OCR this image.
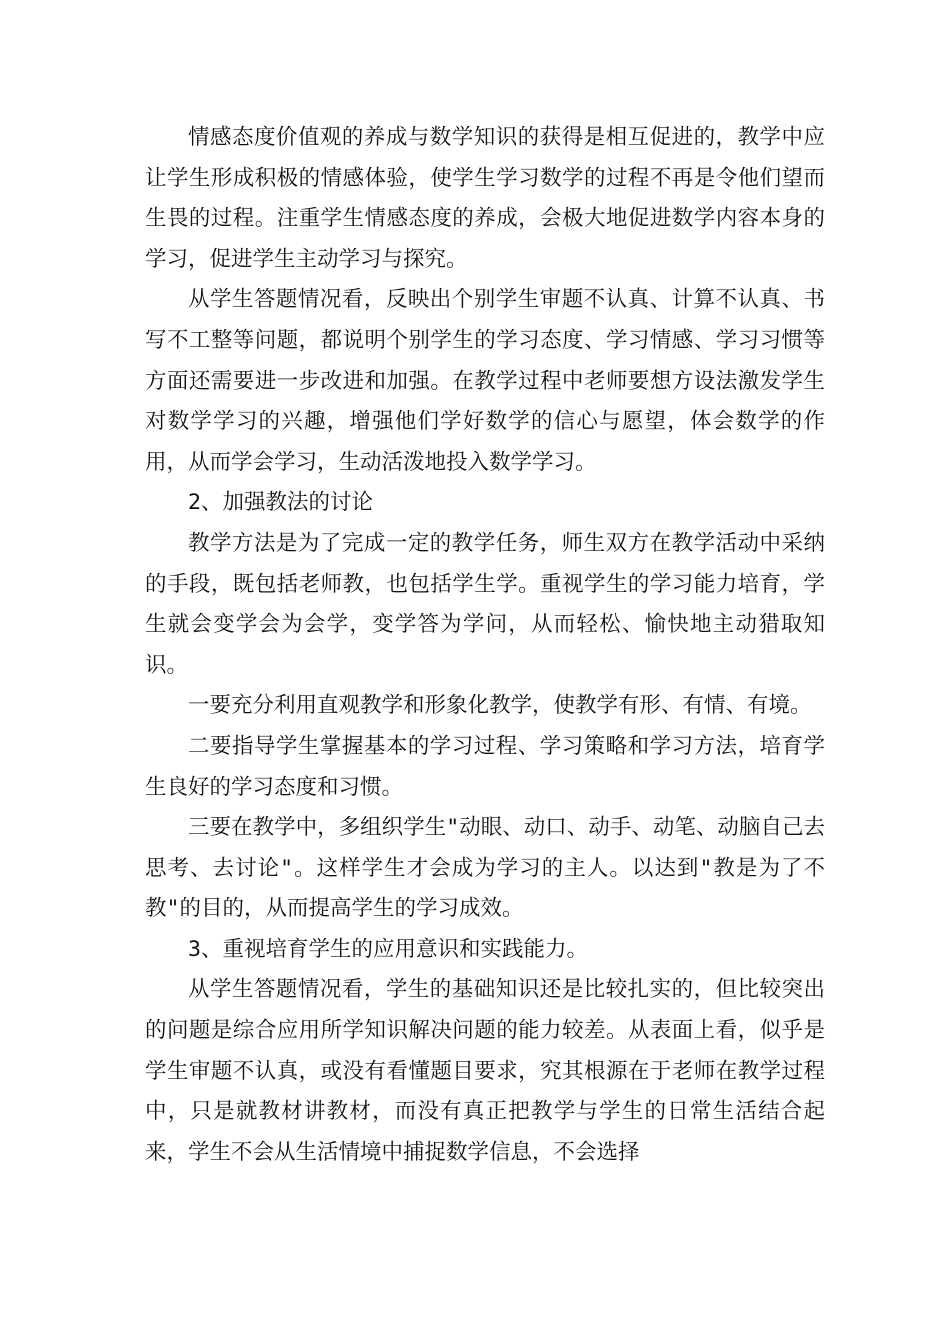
情感态度价值观的养成与数学知识的获得是相互促进的，教学中应让学生形成积极的情感体验，使学生学习数学的过程不再是令他们望而生畏的过程。注重学生情感态度的养成，会极大地促进数学内容本身的学习，促进学生主动学习与探究。

从学生答题情况看，反映出个别学生审题不认真、计算不认真、书写不工整等问题，都说明个别学生的学习态度、学习情感、学习习惯等方面还需要进一步改进和加强。在教学过程中老师要想方设法激发学生对数学学习的兴趣，增强他们学好数学的信心与愿望，体会数学的作用，从而学会学习，生动活泼地投入数学学习。

2、加强教法的讨论

教学方法是为了完成一定的教学任务，师生双方在教学活动中采纳的手段，既包括老师教，也包括学生学。重视学生的学习能力培育，学生就会变学会为会学，变学答为学问，从而轻松、愉快地主动猎取知识。

一要充分利用直观教学和形象化教学，使教学有形、有情、有境。

二要指导学生掌握基本的学习过程、学习策略和学习方法，培育学生良好的学习态度和习惯。

三要在教学中，多组织学生"动眼、动口、动手、动笔、动脑自己去思考、去讨论"。这样学生才会成为学习的主人。以达到"教是为了不教"的目的，从而提高学生的学习成效。

3、重视培育学生的应用意识和实践能力。

从学生答题情况看，学生的基础知识还是比较扎实的，但比较突出的问题是综合应用所学知识解决问题的能力较差。从表面上看，似乎是学生审题不认真，或没有看懂题目要求，究其根源在于老师在教学过程中，只是就教材讲教材，而没有真正把教学与学生的日常生活结合起来，学生不会从生活情境中捕捉数学信息，不会选择
